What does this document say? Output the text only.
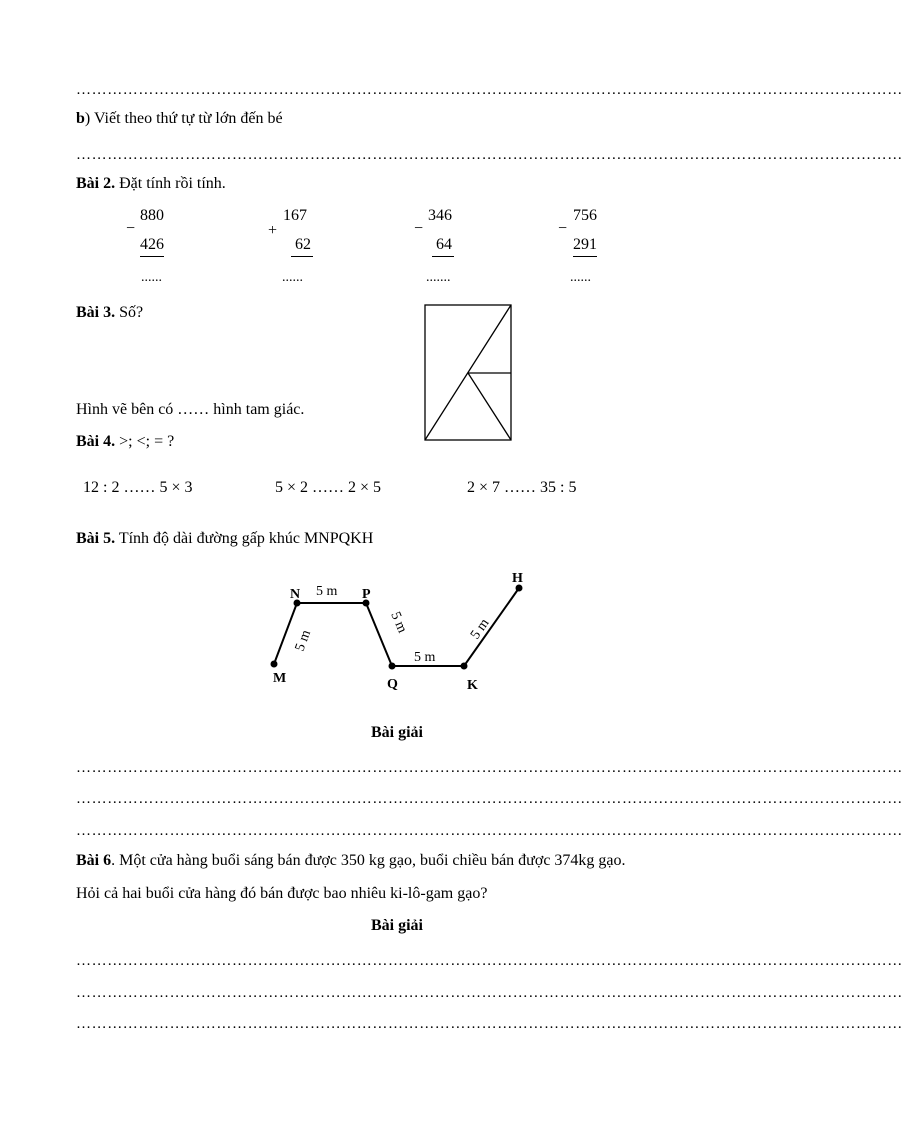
……………………………………………………………………………………………………………………………………………
b) Viết theo thứ tự từ lớn đến bé
……………………………………………………………………………………………………………………………………………
Bài 2. Đặt tính rồi tính.
880
−
426
......
167
+
62
......
346
−
64
.......
756
−
291
......
Bài 3. Số?
Hình vẽ bên có …… hình tam giác.
Bài 4. >; <; = ?
12 : 2 …… 5 × 3	5 × 2 …… 2 × 5	2 × 7 …… 35 : 5
Bài 5. Tính độ dài đường gấp khúc MNPQKH
M
N	P
Q	K
H
5 m
5 m
5 m
5 m	5 m
Bài giải
……………………………………………………………………………………………………………………………………………
……………………………………………………………………………………………………………………………………………
……………………………………………………………………………………………………………………………………………
Bài 6. Một cửa hàng buổi sáng bán được 350 kg gạo, buổi chiều bán được 374kg gạo.
Hỏi cả hai buổi cửa hàng đó bán được bao nhiêu ki-lô-gam gạo?
Bài giải
……………………………………………………………………………………………………………………………………………
……………………………………………………………………………………………………………………………………………
……………………………………………………………………………………………………………………………………………
